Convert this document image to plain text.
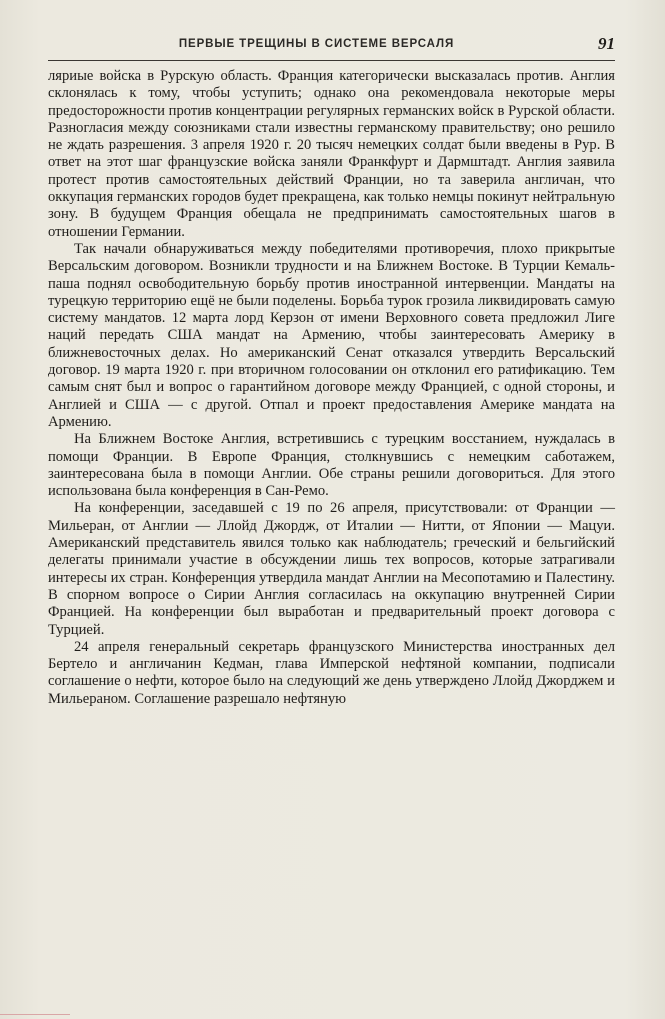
ПЕРВЫЕ ТРЕЩИНЫ В СИСТЕМЕ ВЕРСАЛЯ	91

ляриые войска в Рурскую область. Франция категорически высказалась против. Англия склонялась к тому, чтобы уступить; однако она рекомендовала некоторые меры предосторожности против концентрации регулярных германских войск в Рурской области. Разногласия между союзниками стали известны германскому правительству; оно решило не ждать разрешения. 3 апреля 1920 г. 20 тысяч немецких солдат были введены в Рур. В ответ на этот шаг французские войска заняли Франкфурт и Дармштадт. Англия заявила протест против самостоятельных действий Франции, но та заверила англичан, что оккупация германских городов будет прекращена, как только немцы покинут нейтральную зону. В будущем Франция обещала не предпринимать самостоятельных шагов в отношении Германии.

Так начали обнаруживаться между победителями противоречия, плохо прикрытые Версальским договором. Возникли трудности и на Ближнем Востоке. В Турции Кемаль-паша поднял освободительную борьбу против иностранной интервенции. Мандаты на турецкую территорию ещё не были поделены. Борьба турок грозила ликвидировать самую систему мандатов. 12 марта лорд Керзон от имени Верховного совета предложил Лиге наций передать США мандат на Армению, чтобы заинтересовать Америку в ближневосточных делах. Но американский Сенат отказался утвердить Версальский договор. 19 марта 1920 г. при вторичном голосовании он отклонил его ратификацию. Тем самым снят был и вопрос о гарантийном договоре между Францией, с одной стороны, и Англией и США — с другой. Отпал и проект предоставления Америке мандата на Армению.

На Ближнем Востоке Англия, встретившись с турецким восстанием, нуждалась в помощи Франции. В Европе Франция, столкнувшись с немецким саботажем, заинтересована была в помощи Англии. Обе страны решили договориться. Для этого использована была конференция в Сан-Ремо.

На конференции, заседавшей с 19 по 26 апреля, присутствовали: от Франции — Мильеран, от Англии — Ллойд Джордж, от Италии — Нитти, от Японии — Мацуи. Американский представитель явился только как наблюдатель; греческий и бельгийский делегаты принимали участие в обсуждении лишь тех вопросов, которые затрагивали интересы их стран. Конференция утвердила мандат Англии на Месопотамию и Палестину. В спорном вопросе о Сирии Англия согласилась на оккупацию внутренней Сирии Францией. На конференции был выработан и предварительный проект договора с Турцией.

24 апреля генеральный секретарь французского Министерства иностранных дел Бертело и англичанин Кедман, глава Имперской нефтяной компании, подписали соглашение о нефти, которое было на следующий же день утверждено Ллойд Джорджем и Мильераном. Соглашение разрешало нефтяную
